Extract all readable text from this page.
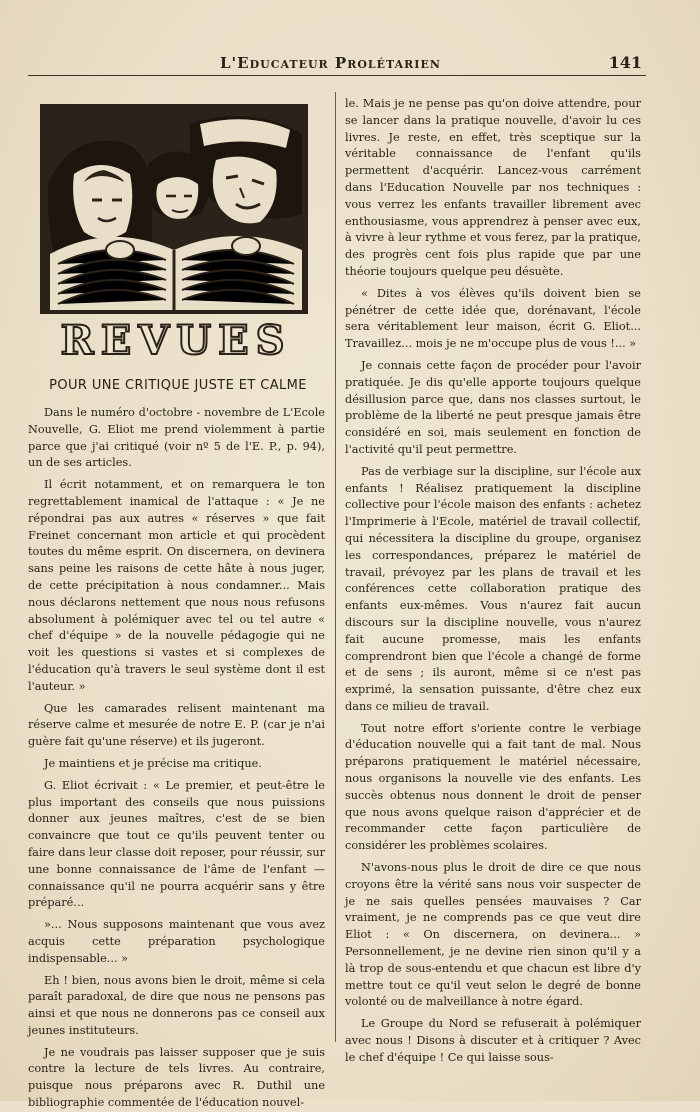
L'Educateur Prolétarien	141
REVUES
POUR UNE CRITIQUE JUSTE ET CALME

Dans le numéro d'octobre - novembre de L'Ecole Nouvelle, G. Eliot me prend violemment à partie parce que j'ai critiqué (voir nº 5 de l'E. P., p. 94), un de ses articles.

Il écrit notamment, et on remarquera le ton regrettablement inamical de l'attaque : « Je ne répondrai pas aux autres « réserves » que fait Freinet concernant mon article et qui procèdent toutes du même esprit. On discernera, on devinera sans peine les raisons de cette hâte à nous juger, de cette précipitation à nous condamner... Mais nous déclarons nettement que nous nous refusons absolument à polémiquer avec tel ou tel autre « chef d'équipe » de la nouvelle pédagogie qui ne voit les questions si vastes et si complexes de l'éducation qu'à travers le seul système dont il est l'auteur. »

Que les camarades relisent maintenant ma réserve calme et mesurée de notre E. P. (car je n'ai guère fait qu'une réserve) et ils jugeront.

Je maintiens et je précise ma critique.

G. Eliot écrivait : « Le premier, et peut-être le plus important des conseils que nous puissions donner aux jeunes maîtres, c'est de se bien convaincre que tout ce qu'ils peuvent tenter ou faire dans leur classe doit reposer, pour réussir, sur une bonne connaissance de l'âme de l'enfant — connaissance qu'il ne pourra acquérir sans y être préparé...

»... Nous supposons maintenant que vous avez acquis cette préparation psychologique indispensable... »

Eh ! bien, nous avons bien le droit, même si cela paraît paradoxal, de dire que nous ne pensons pas ainsi et que nous ne donnerons pas ce conseil aux jeunes instituteurs.

Je ne voudrais pas laisser supposer que je suis contre la lecture de tels livres. Au contraire, puisque nous préparons avec R. Duthil une bibliographie commentée de l'éducation nouvel-

le. Mais je ne pense pas qu'on doive attendre, pour se lancer dans la pratique nouvelle, d'avoir lu ces livres. Je reste, en effet, très sceptique sur la véritable connaissance de l'enfant qu'ils permettent d'acquérir. Lancez-vous carrément dans l'Education Nouvelle par nos techniques : vous verrez les enfants travailler librement avec enthousiasme, vous apprendrez à penser avec eux, à vivre à leur rythme et vous ferez, par la pratique, des progrès cent fois plus rapide que par une théorie toujours quelque peu désuète.

« Dites à vos élèves qu'ils doivent bien se pénétrer de cette idée que, dorénavant, l'école sera véritablement leur maison, écrit G. Eliot... Travaillez... mois je ne m'occupe plus de vous !... »

Je connais cette façon de procéder pour l'avoir pratiquée. Je dis qu'elle apporte toujours quelque désillusion parce que, dans nos classes surtout, le problème de la liberté ne peut presque jamais être considéré en soi, mais seulement en fonction de l'activité qu'il peut permettre.

Pas de verbiage sur la discipline, sur l'école aux enfants ! Réalisez pratiquement la discipline collective pour l'école maison des enfants : achetez l'Imprimerie à l'Ecole, matériel de travail collectif, qui nécessitera la discipline du groupe, organisez les correspondances, préparez le matériel de travail, prévoyez par les plans de travail et les conférences cette collaboration pratique des enfants eux-mêmes. Vous n'aurez fait aucun discours sur la discipline nouvelle, vous n'aurez fait aucune promesse, mais les enfants comprendront bien que l'école a changé de forme et de sens ; ils auront, même si ce n'est pas exprimé, la sensation puissante, d'être chez eux dans ce milieu de travail.

Tout notre effort s'oriente contre le verbiage d'éducation nouvelle qui a fait tant de mal. Nous préparons pratiquement le matériel nécessaire, nous organisons la nouvelle vie des enfants. Les succès obtenus nous donnent le droit de penser que nous avons quelque raison d'apprécier et de recommander cette façon particulière de considérer les problèmes scolaires.

N'avons-nous plus le droit de dire ce que nous croyons être la vérité sans nous voir suspecter de je ne sais quelles pensées mauvaises ? Car vraiment, je ne comprends pas ce que veut dire Eliot : « On discernera, on devinera... » Personnellement, je ne devine rien sinon qu'il y a là trop de sous-entendu et que chacun est libre d'y mettre tout ce qu'il veut selon le degré de bonne volonté ou de malveillance à notre égard.

Le Groupe du Nord se refuserait à polémiquer avec nous ! Disons à discuter et à critiquer ? Avec le chef d'équipe ! Ce qui laisse sous-
